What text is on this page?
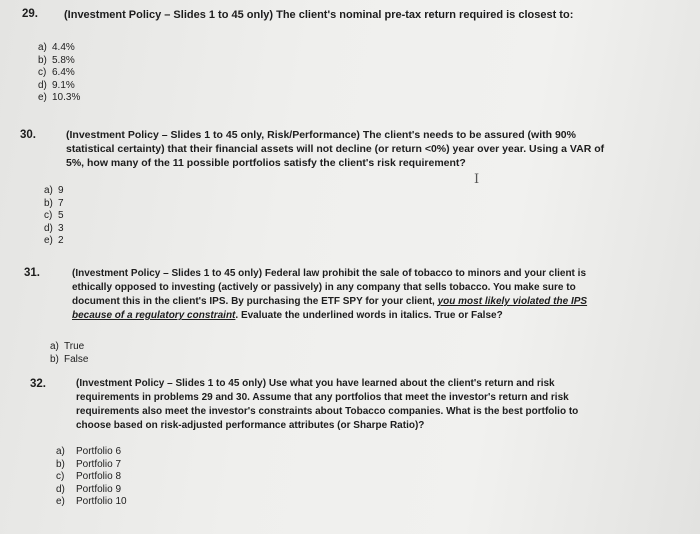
29. (Investment Policy – Slides 1 to 45 only) The client's nominal pre-tax return required is closest to:
a) 4.4%
b) 5.8%
c) 6.4%
d) 9.1%
e) 10.3%
30.	(Investment Policy – Slides 1 to 45 only, Risk/Performance) The client's needs to be assured (with 90%
statistical certainty) that their financial assets will not decline (or return <0%) year over year. Using a VAR of
5%, how many of the 11 possible portfolios satisfy the client's risk requirement?
I
a) 9
b) 7
c) 5
d) 3
e) 2
31.	(Investment Policy – Slides 1 to 45 only) Federal law prohibit the sale of tobacco to minors and your client is
ethically opposed to investing (actively or passively) in any company that sells tobacco. You make sure to
document this in the client's IPS. By purchasing the ETF SPY for your client, you most likely violated the IPS
because of a regulatory constraint. Evaluate the underlined words in italics. True or False?
a) True
b) False
32.	(Investment Policy – Slides 1 to 45 only) Use what you have learned about the client's return and risk
requirements in problems 29 and 30. Assume that any portfolios that meet the investor's return and risk
requirements also meet the investor's constraints about Tobacco companies. What is the best portfolio to
choose based on risk-adjusted performance attributes (or Sharpe Ratio)?
a)	Portfolio 6
b)	Portfolio 7
c)	Portfolio 8
d)	Portfolio 9
e)	Portfolio 10
